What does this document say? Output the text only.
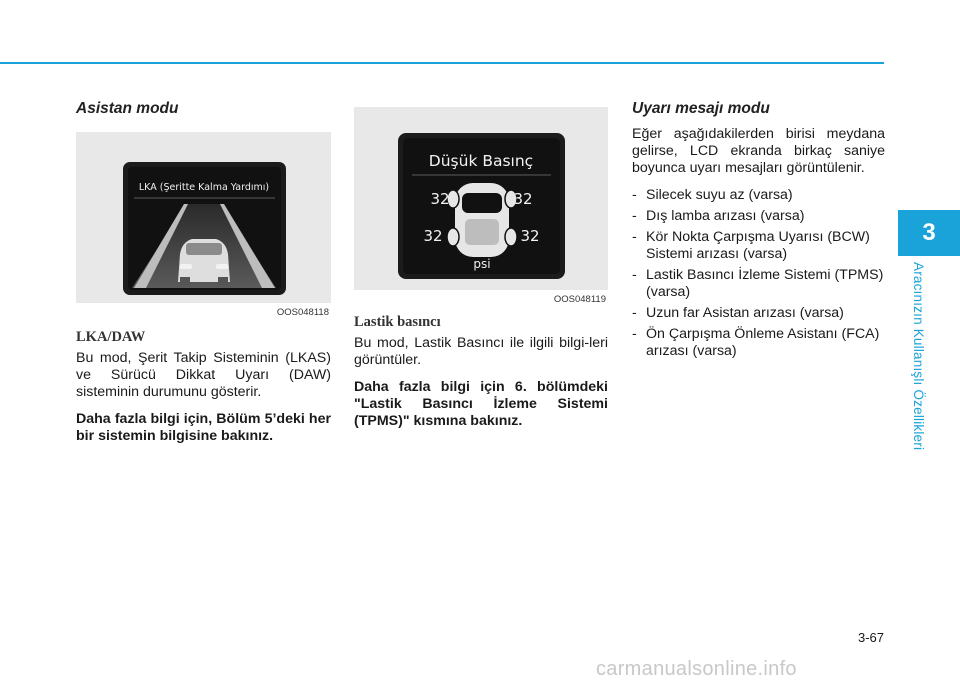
3
Aracınızın Kullanışlı Özellikleri
Asistan modu
LKA (Şeritte Kalma Yardımı)
OOS048118
LKA/DAW

Bu mod, Şerit Takip Sisteminin (LKAS) ve Sürücü Dikkat Uyarı (DAW) sisteminin durumunu gösterir.

Daha fazla bilgi için, Bölüm 5’deki her bir sistemin bilgisine bakınız.

Düşük Basınç
32	32
32	32
psi
OOS048119
Lastik basıncı

Bu mod, Lastik Basıncı ile ilgili bilgi-leri görüntüler.

Daha fazla bilgi için 6. bölümdeki "Lastik Basıncı İzleme Sistemi (TPMS)" kısmına bakınız.

Uyarı mesajı modu

Eğer aşağıdakilerden birisi meydana gelirse, LCD ekranda birkaç saniye boyunca uyarı mesajları görüntülenir.

- Silecek suyu az (varsa)
- Dış lamba arızası (varsa)
- Kör Nokta Çarpışma Uyarısı (BCW) Sistemi arızası (varsa)
- Lastik Basıncı İzleme Sistemi (TPMS) (varsa)
- Uzun far Asistan arızası (varsa)
- Ön Çarpışma Önleme Asistanı (FCA) arızası (varsa)
3-67
carmanualsonline.info
